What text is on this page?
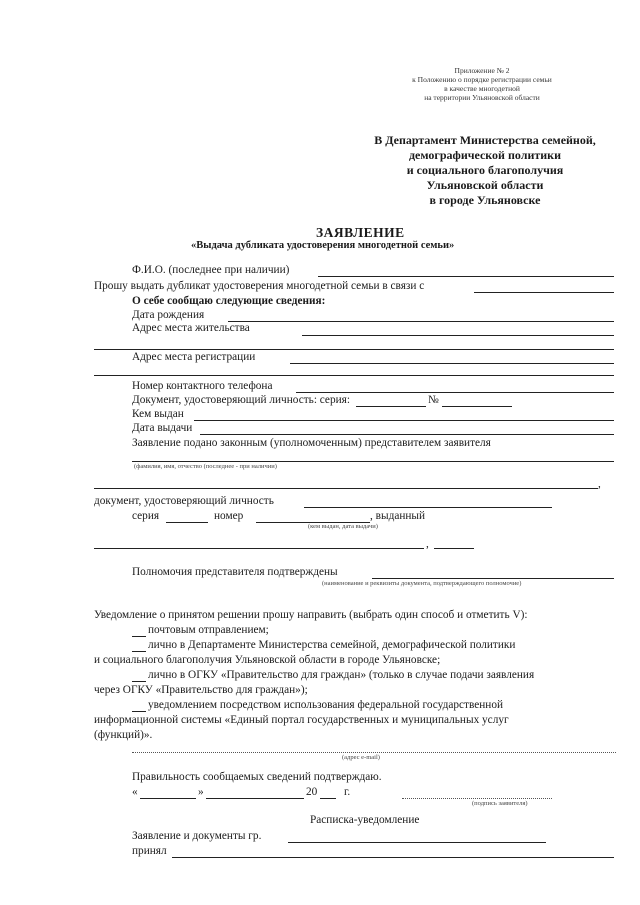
Приложение № 2
к Положению о порядке регистрации семьи
в качестве многодетной
на территории Ульяновской области
В Департамент Министерства семейной,
демографической политики
и социального благополучия
Ульяновской области
в городе Ульяновске
ЗАЯВЛЕНИЕ
«Выдача дубликата удостоверения многодетной семьи»
Ф.И.О. (последнее при наличии)
Прошу выдать дубликат удостоверения многодетной семьи в связи с
О себе сообщаю следующие сведения:
Дата рождения
Адрес места жительства
Адрес места регистрации
Номер контактного телефона
Документ, удостоверяющий личность: серия:	№
Кем выдан
Дата выдачи
Заявление подано законным (уполномоченным) представителем заявителя
(фамилия, имя, отчество (последнее - при наличии)
,
документ, удостоверяющий личность
серия	номер	, выданный
(кем выдан, дата выдачи)
,
Полномочия представителя подтверждены
(наименование и реквизиты документа, подтверждающего полномочие)
Уведомление о принятом решении прошу направить (выбрать один способ и отметить V):
почтовым отправлением;
лично в Департаменте Министерства семейной, демографической политики
и социального благополучия Ульяновской области в городе Ульяновске;
лично в ОГКУ «Правительство для граждан» (только в случае подачи заявления
через ОГКУ «Правительство для граждан»);
уведомлением посредством использования федеральной государственной
информационной системы «Единый портал государственных и муниципальных услуг
(функций)».
(адрес e-mail)
Правильность сообщаемых сведений подтверждаю.
«	»	20 г.
(подпись заявителя)
Расписка-уведомление
Заявление и документы гр.
принял
